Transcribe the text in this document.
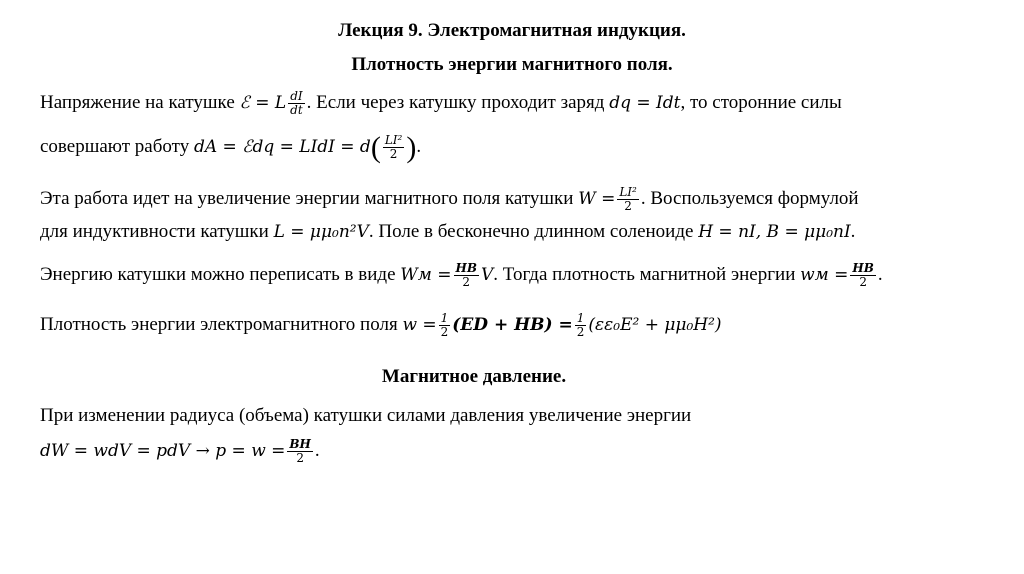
Лекция 9. Электромагнитная индукция.
Плотность энергии магнитного поля.
Напряжение на катушке ℰ = 𝐿 $\frac{\text{𝑑𝐼}}{\text{𝑑𝑡}}$ . Если через катушку проходит заряд 𝑑𝑞 = 𝐼𝑑𝑡, то сторонние силы
совершают работу 𝑑𝐴 = ℰ𝑑𝑞 = 𝐿𝐼𝑑𝐼 = 𝑑( $\frac{\text{𝐿𝐼²}}{2}$ ).
Эта работа идет на увеличение энергии магнитного поля катушки 𝑊 = $\frac{\text{𝐿𝐼²}}{2}$ . Воспользуемся формулой
для индуктивности катушки 𝐿 = 𝜇𝜇₀𝑛²𝑉. Поле в бесконечно длинном соленоиде 𝐻 = 𝑛𝐼, 𝐵 = 𝜇𝜇₀𝑛𝐼.
Энергию катушки можно переписать в виде 𝑊м = $\frac{\text{𝑯𝑩}}{2}$ 𝑉. Тогда плотность магнитной энергии 𝑤м = $\frac{\text{𝑯𝑩}}{2}$ .
Плотность энергии электромагнитного поля 𝑤 = $\frac{1}{2}$ (𝑬𝑫 + 𝑯𝑩) = $\frac{1}{2}$ (𝜀𝜀₀𝐸² + 𝜇𝜇₀𝐻²)
Магнитное давление.
При изменении радиуса (объема) катушки силами давления увеличение энергии
𝑑𝑊 = 𝑤𝑑𝑉 = 𝑝𝑑𝑉 → 𝑝 = 𝑤 = $\frac{\text{𝑩𝑯}}{2}$ .
